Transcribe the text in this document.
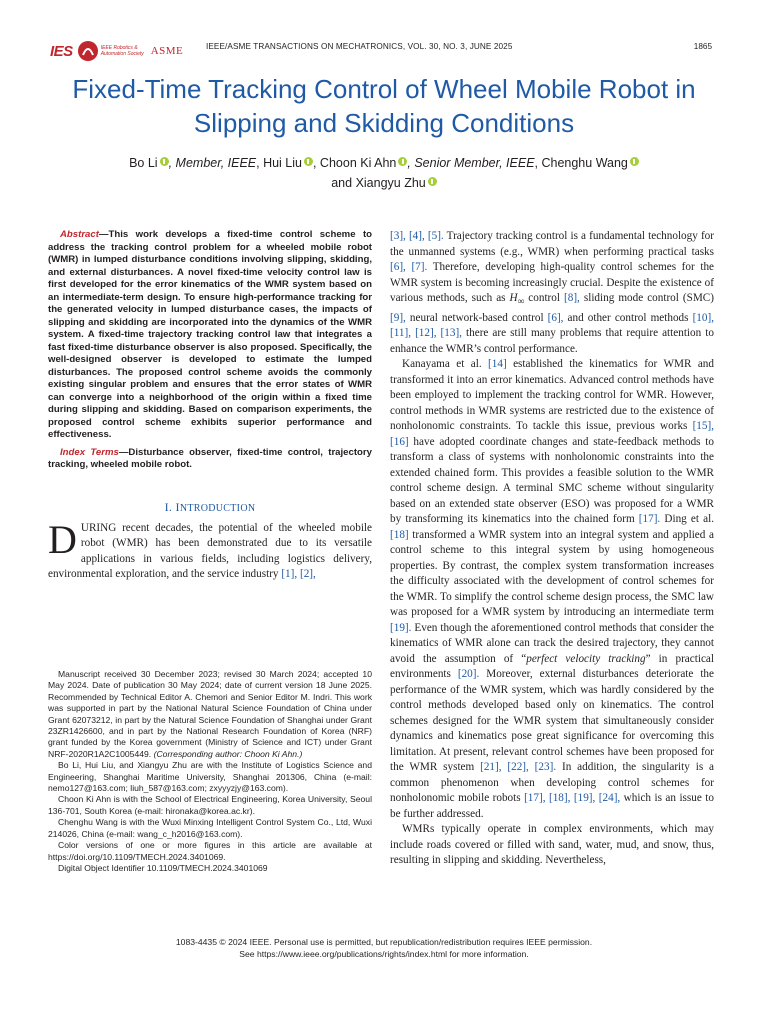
IES	IEEE Robotics & Automation Society ASME	IEEE/ASME TRANSACTIONS ON MECHATRONICS, VOL. 30, NO. 3, JUNE 2025	1865
Fixed-Time Tracking Control of Wheel Mobile Robot in Slipping and Skidding Conditions
Bo Li , Member, IEEE, Hui Liu , Choon Ki Ahn , Senior Member, IEEE, Chenghu Wang
and Xiangyu Zhu

Abstract—This work develops a fixed-time control scheme to address the tracking control problem for a wheeled mobile robot (WMR) in lumped disturbance conditions involving slipping, skidding, and external disturbances. A novel fixed-time velocity control law is first developed for the error kinematics of the WMR system based on an intermediate-term design. To ensure high-performance tracking for the generated velocity in lumped disturbance cases, the impacts of slipping and skidding are incorporated into the dynamics of the WMR system. A fixed-time trajectory tracking control law that integrates a fast fixed-time disturbance observer is also proposed. Specifically, the well-designed observer is developed to estimate the lumped disturbances. The proposed control scheme avoids the commonly existing singular problem and ensures that the error states of WMR can converge into a neighborhood of the origin within a fixed time during slipping and skidding. Based on comparison experiments, the proposed control scheme exhibits superior performance and effectiveness.

Index Terms—Disturbance observer, fixed-time control, trajectory tracking, wheeled mobile robot.

I. INTRODUCTION

DURING recent decades, the potential of the wheeled mobile robot (WMR) has been demonstrated due to its versatile applications in various fields, including logistics delivery, environmental exploration, and the service industry [1], [2],

Manuscript received 30 December 2023; revised 30 March 2024; accepted 10 May 2024. Date of publication 30 May 2024; date of current version 18 June 2025. Recommended by Technical Editor A. Chemori and Senior Editor M. Indri. This work was supported in part by the National Natural Science Foundation of China under Grant 62073212, in part by the Natural Science Foundation of Shanghai under Grant 23ZR1426600, and in part by the National Research Foundation of Korea (NRF) grant funded by the Korea government (Ministry of Science and ICT) under Grant NRF-2020R1A2C1005449. (Corresponding author: Choon Ki Ahn.)

Bo Li, Hui Liu, and Xiangyu Zhu are with the Institute of Logistics Science and Engineering, Shanghai Maritime University, Shanghai 201306, China (e-mail: nemo127@163.com; liuh_587@163.com; zxyyyzjy@163.com).

Choon Ki Ahn is with the School of Electrical Engineering, Korea University, Seoul 136-701, South Korea (e-mail: hironaka@korea.ac.kr).

Chenghu Wang is with the Wuxi Minxing Intelligent Control System Co., Ltd, Wuxi 214026, China (e-mail: wang_c_h2016@163.com).

Color versions of one or more figures in this article are available at https://doi.org/10.1109/TMECH.2024.3401069.

Digital Object Identifier 10.1109/TMECH.2024.3401069

[3], [4], [5]. Trajectory tracking control is a fundamental technology for the unmanned systems (e.g., WMR) when performing practical tasks [6], [7]. Therefore, developing high-quality control schemes for the WMR system is becoming increasingly crucial. Despite the existence of various methods, such as $H_\infty$ control [8], sliding mode control (SMC) [9], neural network-based control [6], and other control methods [10], [11], [12], [13], there are still many problems that require attention to enhance the WMR’s control performance.

Kanayama et al. [14] established the kinematics for WMR and transformed it into an error kinematics. Advanced control methods have been employed to implement the tracking control for WMR. However, control methods in WMR systems are restricted due to the existence of nonholonomic constraints. To tackle this issue, previous works [15], [16] have adopted coordinate changes and state-feedback methods to transform a class of systems with nonholonomic constraints into the extended chained form. This provides a feasible solution to the WMR control scheme design. A terminal SMC scheme without singularity based on an extended state observer (ESO) was proposed for a WMR by transforming its kinematics into the chained form [17]. Ding et al. [18] transformed a WMR system into an integral system and applied a control scheme to this integral system by using homogeneous properties. By contrast, the complex system transformation increases the difficulty associated with the development of control schemes for the WMR. To simplify the control scheme design process, the SMC law was proposed for a WMR system by introducing an intermediate term [19]. Even though the aforementioned control methods that consider the kinematics of WMR alone can track the desired trajectory, they cannot avoid the assumption of “perfect velocity tracking” in practical environments [20]. Moreover, external disturbances deteriorate the performance of the WMR system, which was hardly considered by the control methods developed based only on kinematics. The control schemes designed for the WMR system that simultaneously consider dynamics and kinematics pose great significance for overcoming this limitation. At present, relevant control schemes have been proposed for the WMR system [21], [22], [23]. In addition, the singularity is a common phenomenon when developing control schemes for nonholonomic mobile robots [17], [18], [19], [24], which is an issue to be further addressed.

WMRs typically operate in complex environments, which may include roads covered or filled with sand, water, mud, and snow, thus, resulting in slipping and skidding. Nevertheless,

1083-4435 © 2024 IEEE. Personal use is permitted, but republication/redistribution requires IEEE permission.
See https://www.ieee.org/publications/rights/index.html for more information.
